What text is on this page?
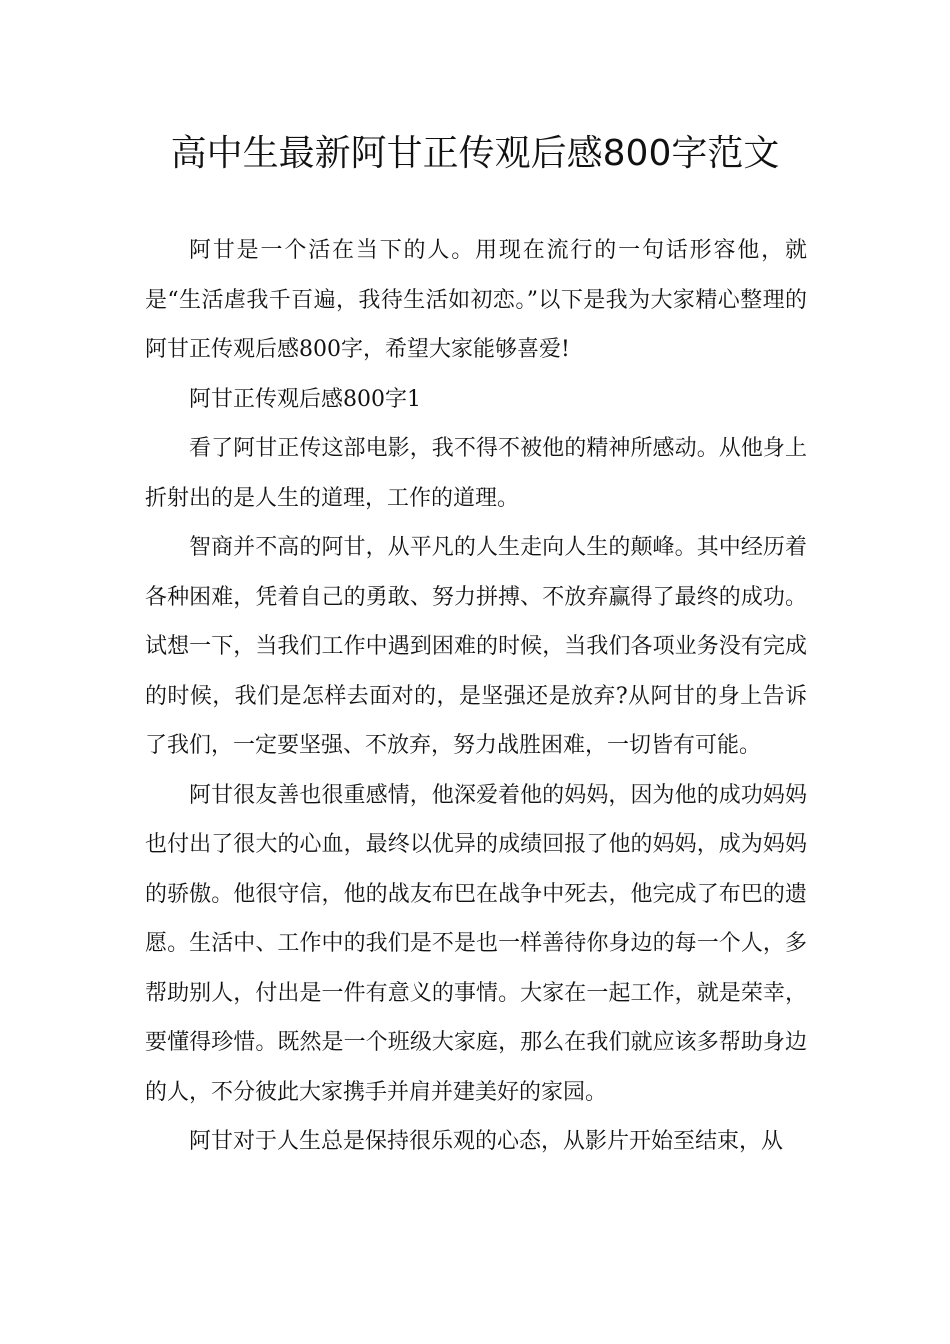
高中生最新阿甘正传观后感800字范文

阿甘是一个活在当下的人。用现在流行的一句话形容他，就是“生活虐我千百遍，我待生活如初恋。”以下是我为大家精心整理的阿甘正传观后感800字，希望大家能够喜爱!

阿甘正传观后感800字1

看了阿甘正传这部电影，我不得不被他的精神所感动。从他身上折射出的是人生的道理，工作的道理。

智商并不高的阿甘，从平凡的人生走向人生的颠峰。其中经历着各种困难，凭着自己的勇敢、努力拼搏、不放弃赢得了最终的成功。试想一下，当我们工作中遇到困难的时候，当我们各项业务没有完成的时候，我们是怎样去面对的，是坚强还是放弃?从阿甘的身上告诉了我们，一定要坚强、不放弃，努力战胜困难，一切皆有可能。

阿甘很友善也很重感情，他深爱着他的妈妈，因为他的成功妈妈也付出了很大的心血，最终以优异的成绩回报了他的妈妈，成为妈妈的骄傲。他很守信，他的战友布巴在战争中死去，他完成了布巴的遗愿。生活中、工作中的我们是不是也一样善待你身边的每一个人，多帮助别人，付出是一件有意义的事情。大家在一起工作，就是荣幸，要懂得珍惜。既然是一个班级大家庭，那么在我们就应该多帮助身边的人，不分彼此大家携手并肩并建美好的家园。

阿甘对于人生总是保持很乐观的心态，从影片开始至结束，从
